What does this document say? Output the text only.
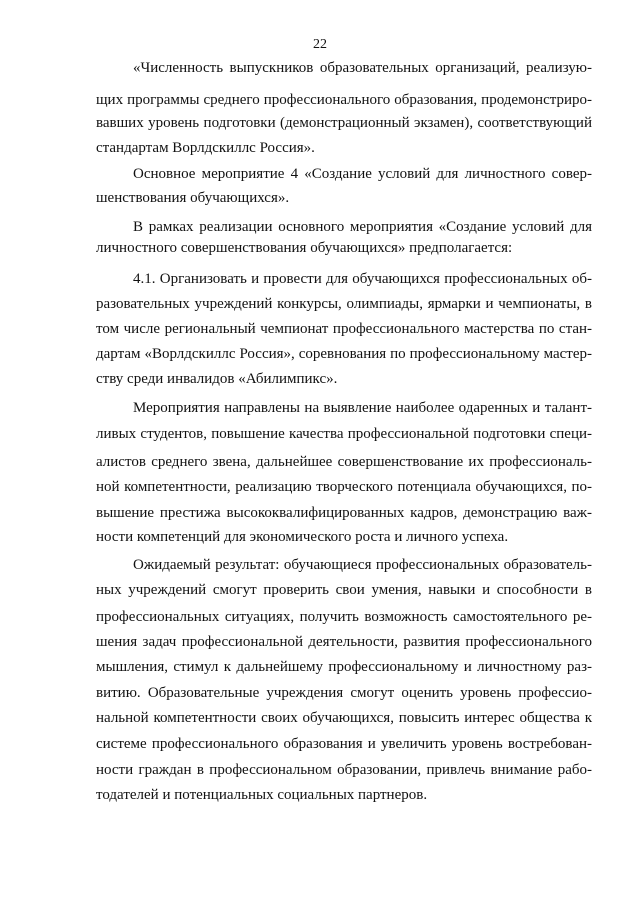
22
«Численность выпускников образовательных организаций, реализую-
щих программы среднего профессионального образования, продемонстриро-
вавших уровень подготовки (демонстрационный экзамен), соответствующий
стандартам Ворлдскиллс Россия».
Основное мероприятие 4 «Создание условий для личностного совер-
шенствования обучающихся».
В рамках реализации основного мероприятия «Создание условий для
личностного совершенствования обучающихся» предполагается:
4.1. Организовать и провести для обучающихся профессиональных об-
разовательных учреждений конкурсы, олимпиады, ярмарки и чемпионаты, в
том числе региональный чемпионат профессионального мастерства по стан-
дартам «Ворлдскиллс Россия», соревнования по профессиональному мастер-
ству среди инвалидов «Абилимпикс».
Мероприятия направлены на выявление наиболее одаренных и талант-
ливых студентов, повышение качества профессиональной подготовки специ-
алистов среднего звена, дальнейшее совершенствование их профессиональ-
ной компетентности, реализацию творческого потенциала обучающихся, по-
вышение престижа высококвалифицированных кадров, демонстрацию важ-
ности компетенций для экономического роста и личного успеха.
Ожидаемый результат: обучающиеся профессиональных образователь-
ных учреждений смогут проверить свои умения, навыки и способности в
профессиональных ситуациях, получить возможность самостоятельного ре-
шения задач профессиональной деятельности, развития профессионального
мышления, стимул к дальнейшему профессиональному и личностному раз-
витию. Образовательные учреждения смогут оценить уровень профессио-
нальной компетентности своих обучающихся, повысить интерес общества к
системе профессионального образования и увеличить уровень востребован-
ности граждан в профессиональном образовании, привлечь внимание рабо-
тодателей и потенциальных социальных партнеров.
